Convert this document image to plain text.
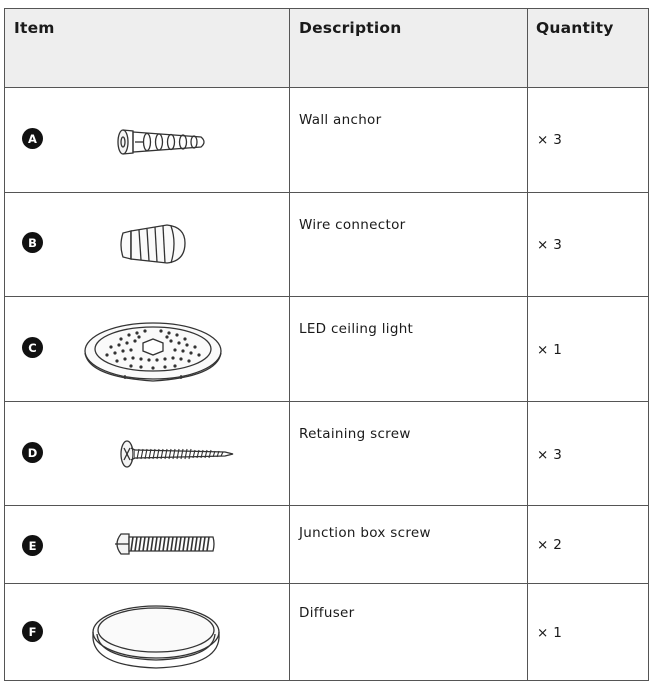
Item	Description	Quantity
A
Wall anchor
× 3
B
Wire connector
× 3
C
LED ceiling light
× 1
D
Retaining screw
× 3
E
Junction box screw
× 2
F
Diffuser
× 1
